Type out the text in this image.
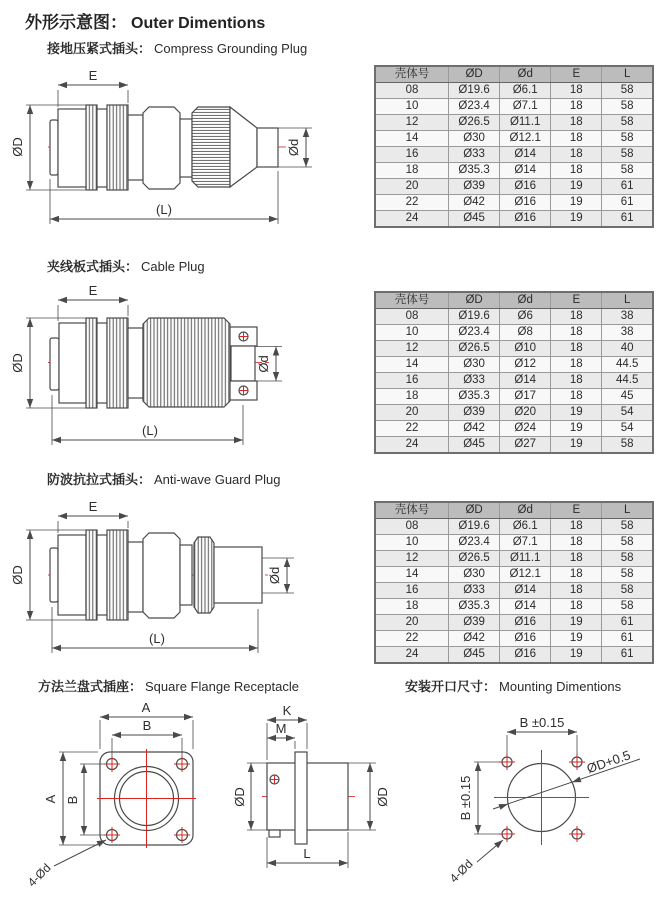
外形示意图： Outer Dimentions
接地压紧式插头： Compress Grounding Plug
E
ØD	Ød
(L)
壳体号	ØD	Ød	E	L
08	Ø19.6	Ø6.1	18	58
10	Ø23.4	Ø7.1	18	58
12	Ø26.5	Ø11.1	18	58
14	Ø30	Ø12.1	18	58
16	Ø33	Ø14	18	58
18	Ø35.3	Ø14	18	58
20	Ø39	Ø16	19	61
22	Ø42	Ø16	19	61
24	Ø45	Ø16	19	61
夹线板式插头： Cable Plug
E
ØD	Ød
(L)
壳体号	ØD	Ød	E	L
08	Ø19.6	Ø6	18	38
10	Ø23.4	Ø8	18	38
12	Ø26.5	Ø10	18	40
14	Ø30	Ø12	18	44.5
16	Ø33	Ø14	18	44.5
18	Ø35.3	Ø17	18	45
20	Ø39	Ø20	19	54
22	Ø42	Ø24	19	54
24	Ø45	Ø27	19	58
防波抗拉式插头： Anti-wave Guard Plug
E
ØD	Ød
(L)
壳体号	ØD	Ød	E	L
08	Ø19.6	Ø6.1	18	58
10	Ø23.4	Ø7.1	18	58
12	Ø26.5	Ø11.1	18	58
14	Ø30	Ø12.1	18	58
16	Ø33	Ø14	18	58
18	Ø35.3	Ø14	18	58
20	Ø39	Ø16	19	61
22	Ø42	Ø16	19	61
24	Ø45	Ø16	19	61
方法兰盘式插座： Square Flange Receptacle	安装开口尺寸： Mounting Dimentions
A
B
A B
4-Ød
K
M
ØD	ØD
L
B ±0.15
B ±0.15
ØD+0.5
4-Ød
